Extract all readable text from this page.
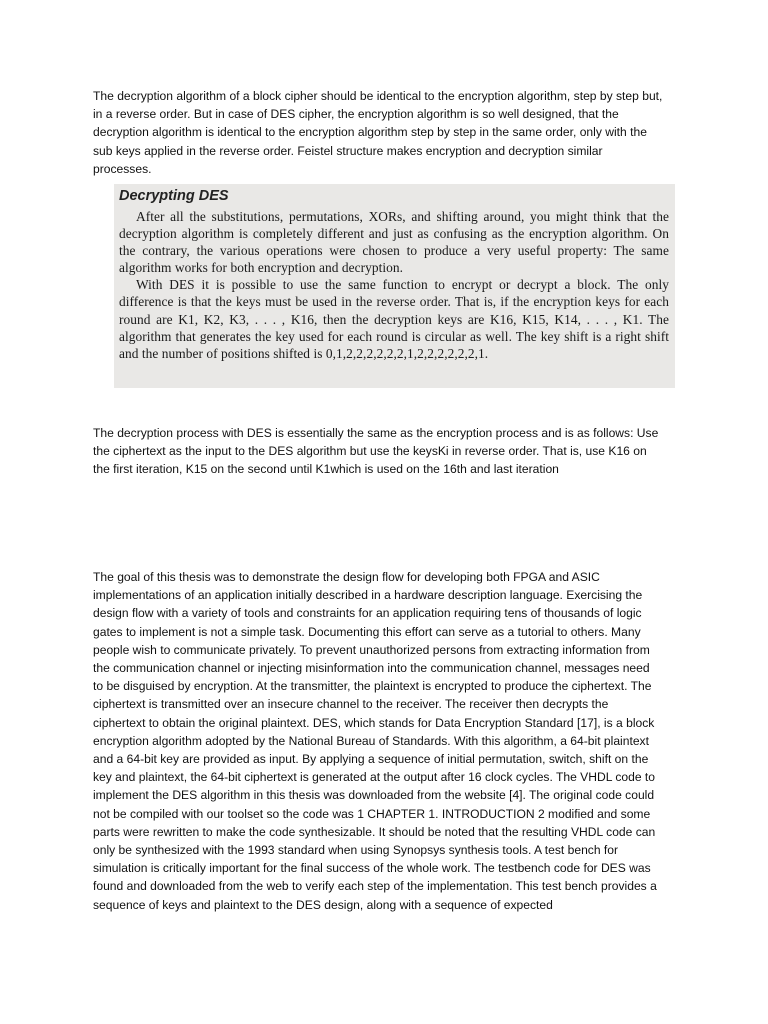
The decryption algorithm of a block cipher should be identical to the encryption algorithm, step by step but, in a reverse order. But in case of DES cipher, the encryption algorithm is so well designed, that the decryption algorithm is identical to the encryption algorithm step by step in the same order, only with the sub keys applied in the reverse order. Feistel structure makes encryption and decryption similar processes.

Decrypting DES

After all the substitutions, permutations, XORs, and shifting around, you might think that the decryption algorithm is completely different and just as confusing as the encryption algorithm. On the contrary, the various operations were chosen to produce a very useful property: The same algorithm works for both encryption and decryption.

With DES it is possible to use the same function to encrypt or decrypt a block. The only difference is that the keys must be used in the reverse order. That is, if the encryption keys for each round are K1, K2, K3, . . . , K16, then the decryption keys are K16, K15, K14, . . . , K1. The algorithm that generates the key used for each round is circular as well. The key shift is a right shift and the number of positions shifted is 0,1,2,2,2,2,2,2,1,2,2,2,2,2,2,1.

The decryption process with DES is essentially the same as the encryption process and is as follows: Use the ciphertext as the input to the DES algorithm but use the keysKi in reverse order. That is, use K16 on the first iteration, K15 on the second until K1which is used on the 16th and last iteration

The goal of this thesis was to demonstrate the design flow for developing both FPGA and ASIC implementations of an application initially described in a hardware description language. Exercising the design flow with a variety of tools and constraints for an application requiring tens of thousands of logic gates to implement is not a simple task. Documenting this effort can serve as a tutorial to others. Many people wish to communicate privately. To prevent unauthorized persons from extracting information from the communication channel or injecting misinformation into the communication channel, messages need to be disguised by encryption. At the transmitter, the plaintext is encrypted to produce the ciphertext. The ciphertext is transmitted over an insecure channel to the receiver. The receiver then decrypts the ciphertext to obtain the original plaintext. DES, which stands for Data Encryption Standard [17], is a block encryption algorithm adopted by the National Bureau of Standards. With this algorithm, a 64-bit plaintext and a 64-bit key are provided as input. By applying a sequence of initial permutation, switch, shift on the key and plaintext, the 64-bit ciphertext is generated at the output after 16 clock cycles. The VHDL code to implement the DES algorithm in this thesis was downloaded from the website [4]. The original code could not be compiled with our toolset so the code was 1 CHAPTER 1. INTRODUCTION 2 modified and some parts were rewritten to make the code synthesizable. It should be noted that the resulting VHDL code can only be synthesized with the 1993 standard when using Synopsys synthesis tools. A test bench for simulation is critically important for the final success of the whole work. The testbench code for DES was found and downloaded from the web to verify each step of the implementation. This test bench provides a sequence of keys and plaintext to the DES design, along with a sequence of expected
